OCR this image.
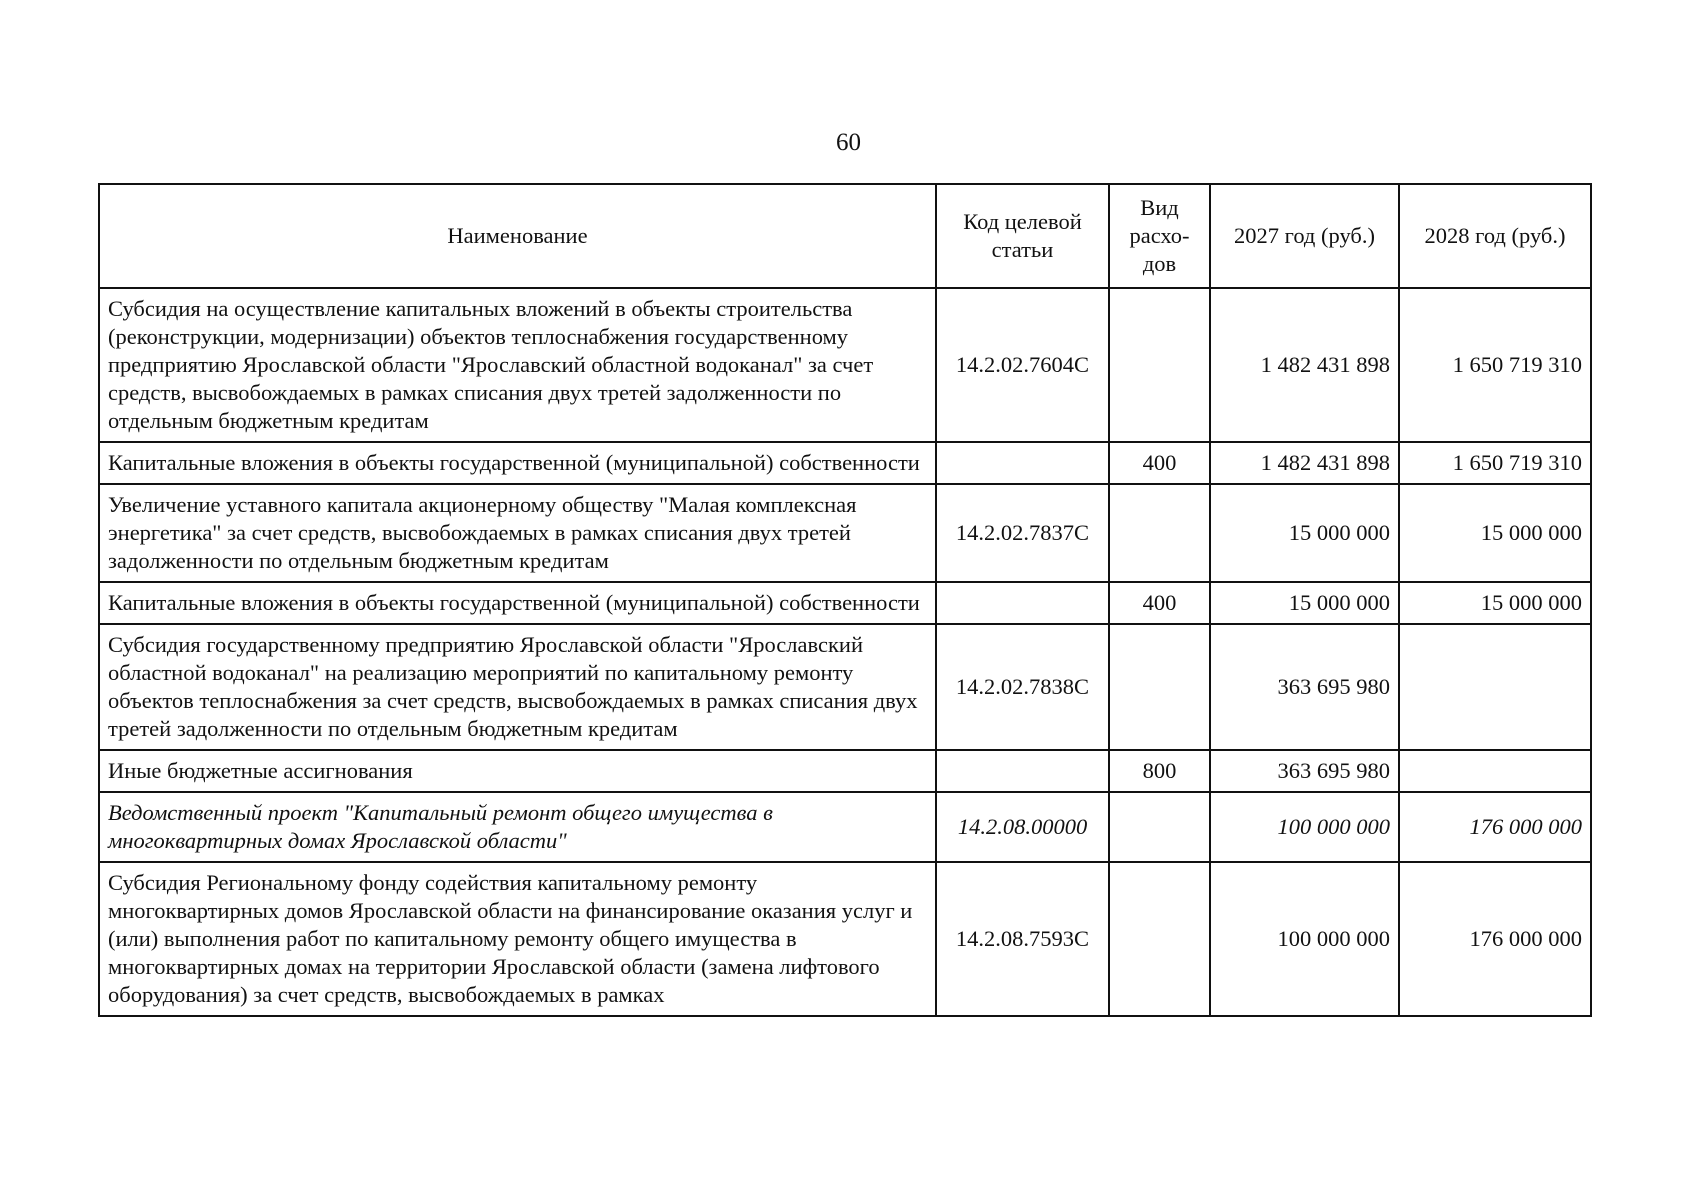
60
Наименование	Код целевой статьи	Вид расхо-дов	2027 год (руб.)	2028 год (руб.)
Субсидия на осуществление капитальных вложений в объекты строительства (реконструкции, модернизации) объектов теплоснабжения государственному предприятию Ярославской области "Ярославский областной водоканал" за счет средств, высвобождаемых в рамках списания двух третей задолженности по отдельным бюджетным кредитам	14.2.02.7604С		1 482 431 898	1 650 719 310
Капитальные вложения в объекты государственной (муниципальной) собственности		400	1 482 431 898	1 650 719 310
Увеличение уставного капитала акционерному обществу "Малая комплексная энергетика" за счет средств, высвобождаемых в рамках списания двух третей задолженности по отдельным бюджетным кредитам	14.2.02.7837С		15 000 000	15 000 000
Капитальные вложения в объекты государственной (муниципальной) собственности		400	15 000 000	15 000 000
Субсидия государственному предприятию Ярославской области "Ярославский областной водоканал" на реализацию мероприятий по капитальному ремонту объектов теплоснабжения за счет средств, высвобождаемых в рамках списания двух третей задолженности по отдельным бюджетным кредитам	14.2.02.7838С		363 695 980	
Иные бюджетные ассигнования		800	363 695 980	
Ведомственный проект "Капитальный ремонт общего имущества в многоквартирных домах Ярославской области"	14.2.08.00000		100 000 000	176 000 000
Субсидия Региональному фонду содействия капитальному ремонту многоквартирных домов Ярославской области на финансирование оказания услуг и (или) выполнения работ по капитальному ремонту общего имущества в многоквартирных домах на территории Ярославской области (замена лифтового оборудования) за счет средств, высвобождаемых в рамках	14.2.08.7593С		100 000 000	176 000 000
